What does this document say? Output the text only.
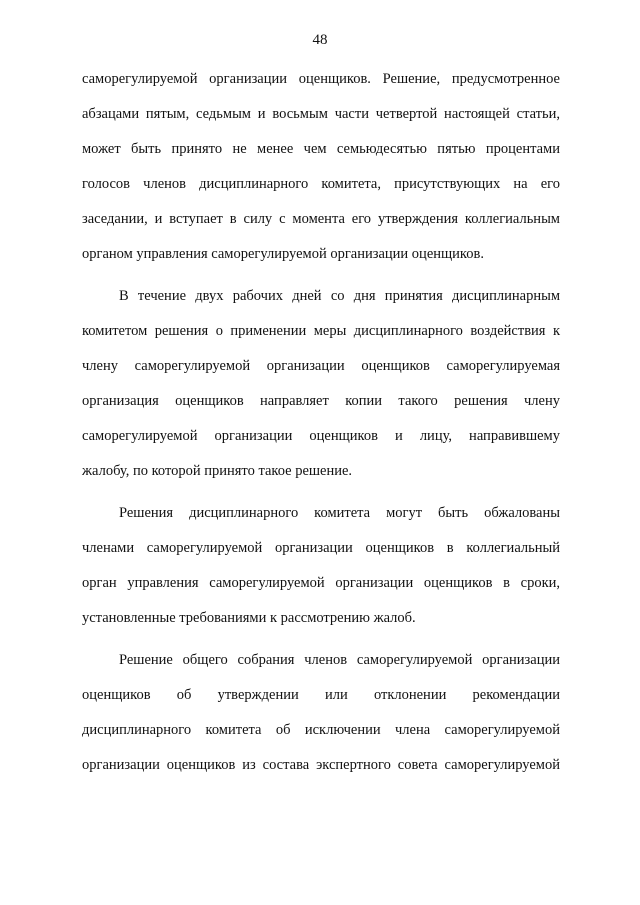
48
саморегулируемой организации оценщиков. Решение, предусмотренное
абзацами пятым, седьмым и восьмым части четвертой настоящей статьи,
может быть принято не менее чем семьюдесятью пятью процентами
голосов членов дисциплинарного комитета, присутствующих на его
заседании, и вступает в силу с момента его утверждения коллегиальным
органом управления саморегулируемой организации оценщиков.
В течение двух рабочих дней со дня принятия дисциплинарным
комитетом решения о применении меры дисциплинарного воздействия к
члену саморегулируемой организации оценщиков саморегулируемая
организация оценщиков направляет копии такого решения члену
саморегулируемой организации оценщиков и лицу, направившему
жалобу, по которой принято такое решение.
Решения дисциплинарного комитета могут быть обжалованы
членами саморегулируемой организации оценщиков в коллегиальный
орган управления саморегулируемой организации оценщиков в сроки,
установленные требованиями к рассмотрению жалоб.
Решение общего собрания членов саморегулируемой организации
оценщиков об утверждении или отклонении рекомендации
дисциплинарного комитета об исключении члена саморегулируемой
организации оценщиков из состава экспертного совета саморегулируемой
